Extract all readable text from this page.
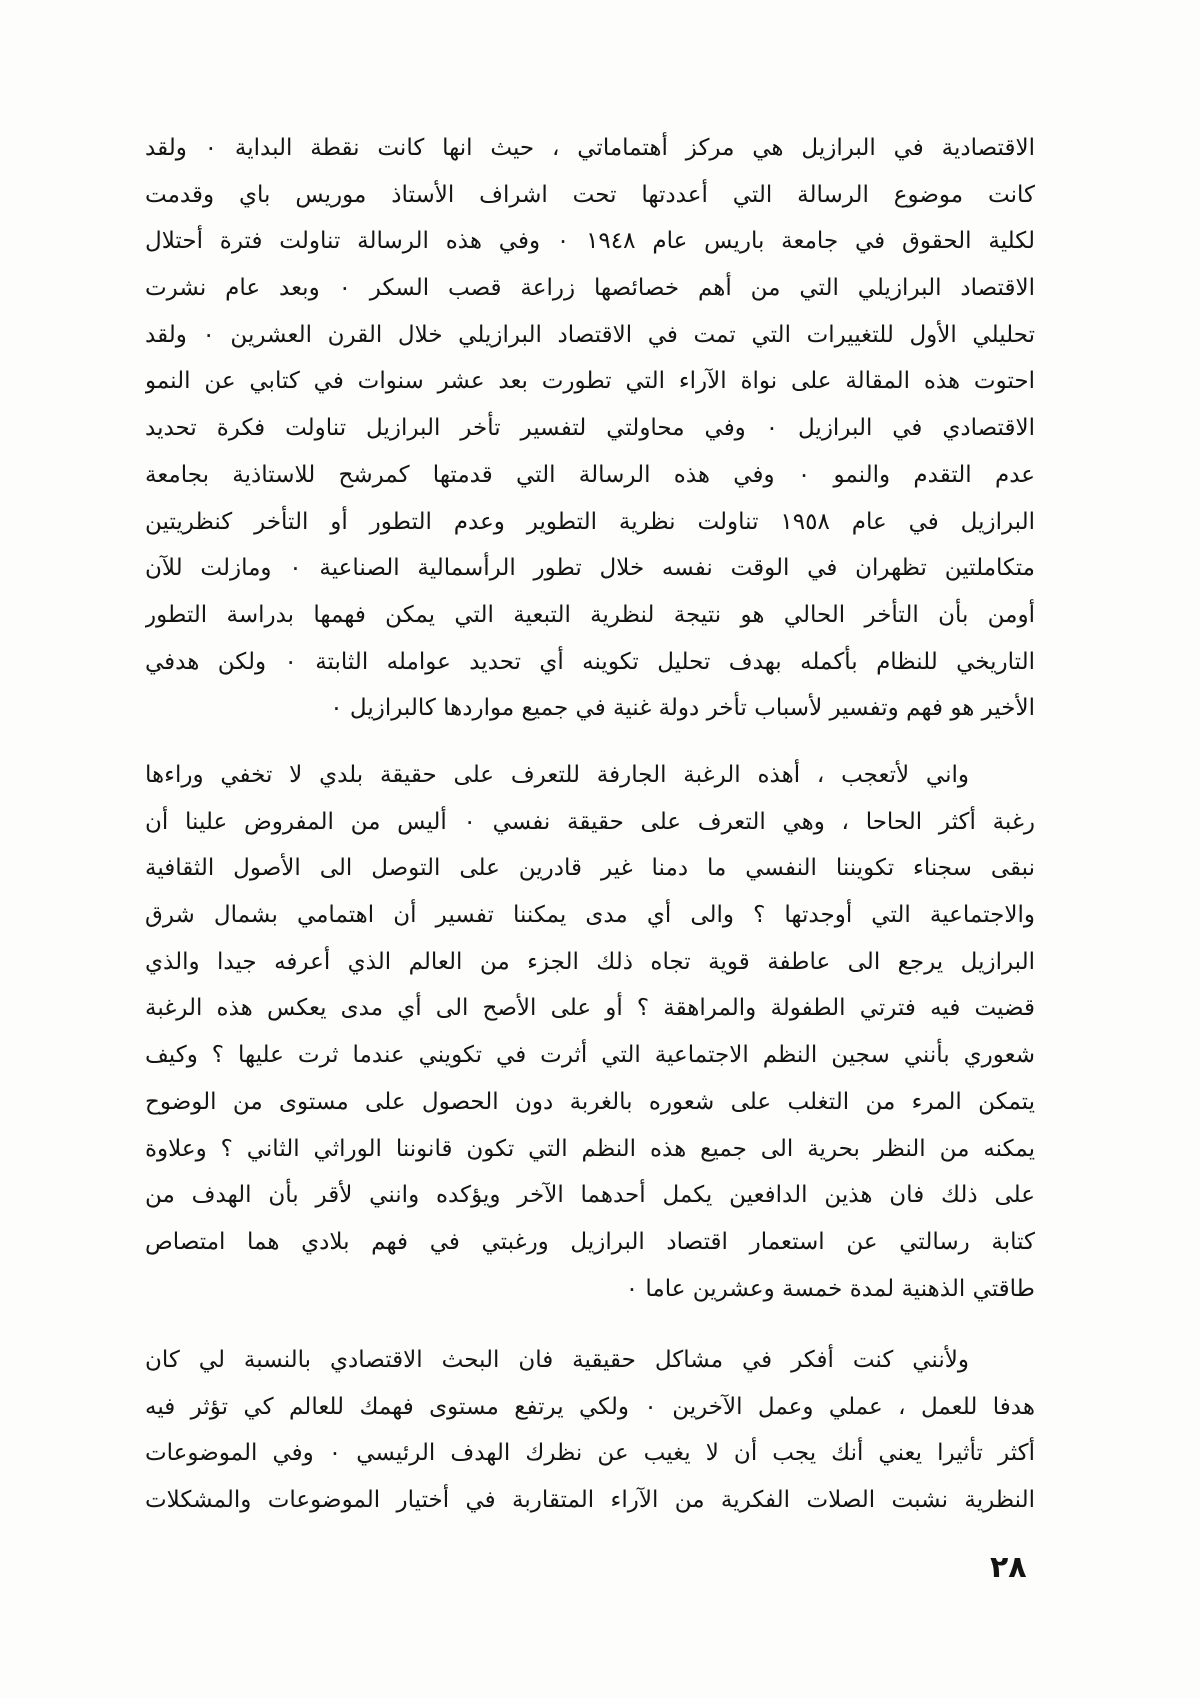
الاقتصادية في البرازيل هي مركز أهتماماتي ، حيث انها كانت نقطة البداية ٠ ولقد
كانت موضوع الرسالة التي أعددتها تحت اشراف الأستاذ موريس باي وقدمت
لكلية الحقوق في جامعة باريس عام ١٩٤٨ ٠ وفي هذه الرسالة تناولت فترة أحتلال
الاقتصاد البرازيلي التي من أهم خصائصها زراعة قصب السكر ٠ وبعد عام نشرت
تحليلي الأول للتغييرات التي تمت في الاقتصاد البرازيلي خلال القرن العشرين ٠ ولقد
احتوت هذه المقالة على نواة الآراء التي تطورت بعد عشر سنوات في كتابي عن النمو
الاقتصادي في البرازيل ٠ وفي محاولتي لتفسير تأخر البرازيل تناولت فكرة تحديد
عدم التقدم والنمو ٠ وفي هذه الرسالة التي قدمتها كمرشح للاستاذية بجامعة
البرازيل في عام ١٩٥٨ تناولت نظرية التطوير وعدم التطور أو التأخر كنظريتين
متكاملتين تظهران في الوقت نفسه خلال تطور الرأسمالية الصناعية ٠ ومازلت للآن
أومن بأن التأخر الحالي هو نتيجة لنظرية التبعية التي يمكن فهمها بدراسة التطور
التاريخي للنظام بأكمله بهدف تحليل تكوينه أي تحديد عوامله الثابتة ٠ ولكن هدفي
الأخير هو فهم وتفسير لأسباب تأخر دولة غنية في جميع مواردها كالبرازيل ٠
واني لأتعجب ، أهذه الرغبة الجارفة للتعرف على حقيقة بلدي لا تخفي وراءها
رغبة أكثر الحاحا ، وهي التعرف على حقيقة نفسي ٠ أليس من المفروض علينا أن
نبقى سجناء تكويننا النفسي ما دمنا غير قادرين على التوصل الى الأصول الثقافية
والاجتماعية التي أوجدتها ؟ والى أي مدى يمكننا تفسير أن اهتمامي بشمال شرق
البرازيل يرجع الى عاطفة قوية تجاه ذلك الجزء من العالم الذي أعرفه جيدا والذي
قضيت فيه فترتي الطفولة والمراهقة ؟ أو على الأصح الى أي مدى يعكس هذه الرغبة
شعوري بأنني سجين النظم الاجتماعية التي أثرت في تكويني عندما ثرت عليها ؟ وكيف
يتمكن المرء من التغلب على شعوره بالغربة دون الحصول على مستوى من الوضوح
يمكنه من النظر بحرية الى جميع هذه النظم التي تكون قانوننا الوراثي الثاني ؟ وعلاوة
على ذلك فان هذين الدافعين يكمل أحدهما الآخر ويؤكده وانني لأقر بأن الهدف من
كتابة رسالتي عن استعمار اقتصاد البرازيل ورغبتي في فهم بلادي هما امتصاص
طاقتي الذهنية لمدة خمسة وعشرين عاما ٠
ولأنني كنت أفكر في مشاكل حقيقية فان البحث الاقتصادي بالنسبة لي كان
هدفا للعمل ، عملي وعمل الآخرين ٠ ولكي يرتفع مستوى فهمك للعالم كي تؤثر فيه
أكثر تأثيرا يعني أنك يجب أن لا يغيب عن نظرك الهدف الرئيسي ٠ وفي الموضوعات
النظرية نشبت الصلات الفكرية من الآراء المتقاربة في أختيار الموضوعات والمشكلات
٢٨
